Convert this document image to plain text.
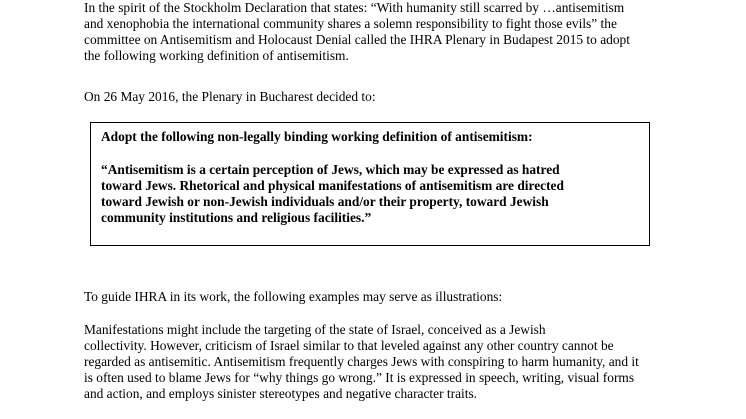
In the spirit of the Stockholm Declaration that states: “With humanity still scarred by …antisemitism
and xenophobia the international community shares a solemn responsibility to fight those evils” the
committee on Antisemitism and Holocaust Denial called the IHRA Plenary in Budapest 2015 to adopt
the following working definition of antisemitism.

On 26 May 2016, the Plenary in Bucharest decided to:

Adopt the following non-legally binding working definition of antisemitism:
“Antisemitism is a certain perception of Jews, which may be expressed as hatred
toward Jews. Rhetorical and physical manifestations of antisemitism are directed
toward Jewish or non-Jewish individuals and/or their property, toward Jewish
community institutions and religious facilities.”

To guide IHRA in its work, the following examples may serve as illustrations:

Manifestations might include the targeting of the state of Israel, conceived as a Jewish
collectivity. However, criticism of Israel similar to that leveled against any other country cannot be
regarded as antisemitic. Antisemitism frequently charges Jews with conspiring to harm humanity, and it
is often used to blame Jews for “why things go wrong.” It is expressed in speech, writing, visual forms
and action, and employs sinister stereotypes and negative character traits.
